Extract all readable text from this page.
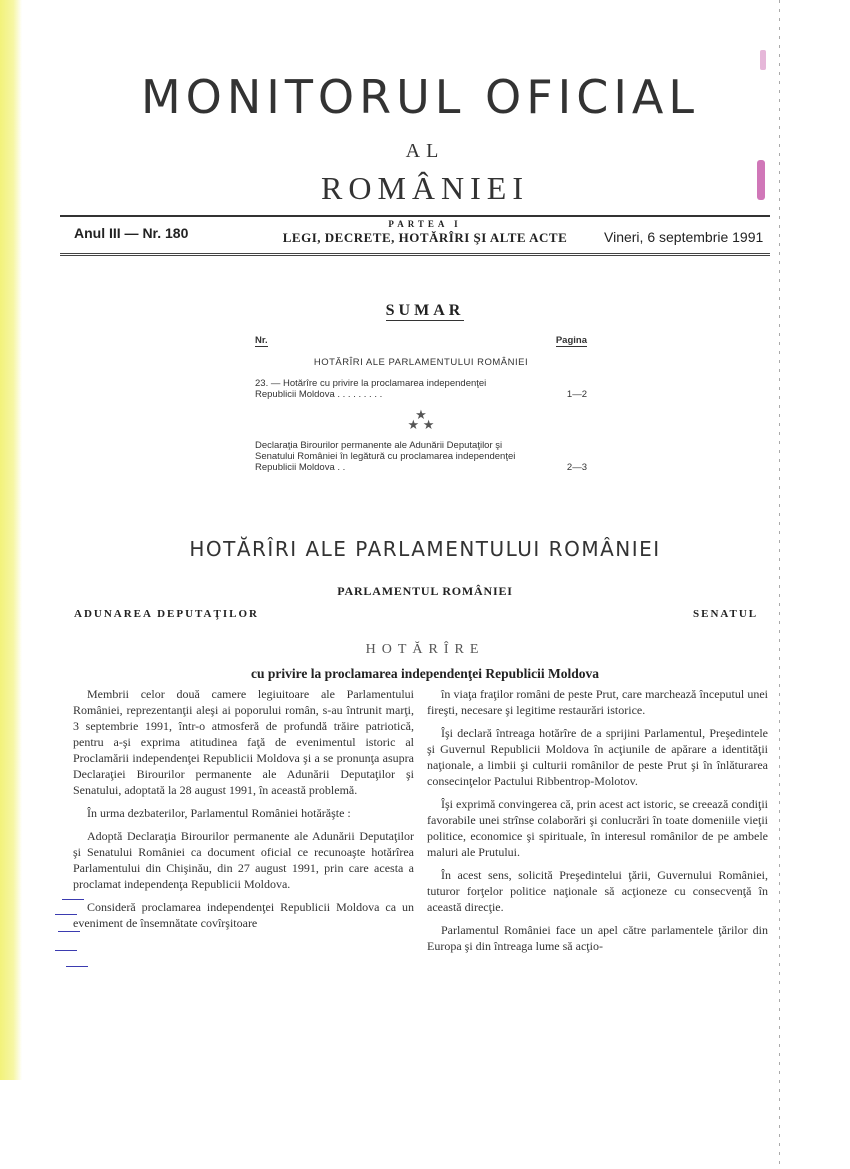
MONITORUL OFICIAL
AL
ROMÂNIEI
Anul III — Nr. 180
PARTEA I
LEGI, DECRETE, HOTĂRÎRI ŞI ALTE ACTE	Vineri, 6 septembrie 1991
SUMAR
Nr.	Pagina
HOTĂRÎRI ALE PARLAMENTULUI ROMÂNIEI
23. — Hotărîre cu privire la proclamarea independenţei Republicii Moldova . . . . . . . . .	1—2
★
★ ★
Declaraţia Birourilor permanente ale Adunării Deputaţilor şi Senatului României în legătură cu proclamarea independenţei Republicii Moldova . .	2—3
HOTĂRÎRI ALE PARLAMENTULUI ROMÂNIEI
PARLAMENTUL ROMÂNIEI
ADUNAREA DEPUTAŢILOR	SENATUL
HOTĂRÎRE
cu privire la proclamarea independenţei Republicii Moldova

Membrii celor două camere legiuitoare ale Parlamentului României, reprezentanţii aleşi ai poporului român, s-au întrunit marţi, 3 septembrie 1991, într-o atmosferă de profundă trăire patriotică, pentru a-şi exprima atitudinea faţă de evenimentul istoric al Proclamării independenţei Republicii Moldova şi a se pronunţa asupra Declaraţiei Birourilor permanente ale Adunării Deputaţilor şi Senatului, adoptată la 28 august 1991, în această problemă.

În urma dezbaterilor, Parlamentul României hotărăşte :

Adoptă Declaraţia Birourilor permanente ale Adunării Deputaţilor şi Senatului României ca document oficial ce recunoaşte hotărîrea Parlamentului din Chişinău, din 27 august 1991, prin care acesta a proclamat independenţa Republicii Moldova.

Consideră proclamarea independenţei Republicii Moldova ca un eveniment de însemnătate covîrşitoare

în viaţa fraţilor români de peste Prut, care marchează începutul unei fireşti, necesare şi legitime restaurări istorice.

Îşi declară întreaga hotărîre de a sprijini Parlamentul, Preşedintele şi Guvernul Republicii Moldova în acţiunile de apărare a identităţii naţionale, a limbii şi culturii românilor de peste Prut şi în înlăturarea consecinţelor Pactului Ribbentrop-Molotov.

Îşi exprimă convingerea că, prin acest act istoric, se creează condiţii favorabile unei strînse colaborări şi conlucrări în toate domeniile vieţii politice, economice şi spirituale, în interesul românilor de pe ambele maluri ale Prutului.

În acest sens, solicită Preşedintelui ţării, Guvernului României, tuturor forţelor politice naţionale să acţioneze cu consecvenţă în această direcţie.

Parlamentul României face un apel către parlamentele ţărilor din Europa şi din întreaga lume să acţio-
